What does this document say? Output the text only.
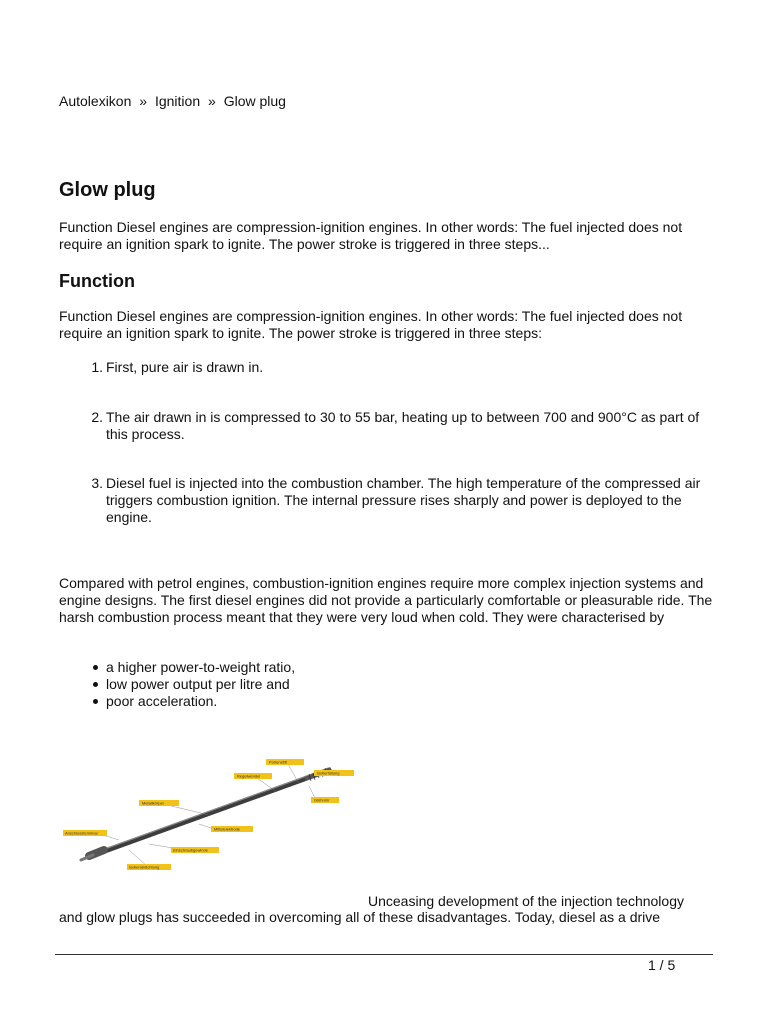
Autolexikon » Ignition » Glow plug
Glow plug

Function Diesel engines are compression-ignition engines. In other words: The fuel injected does not require an ignition spark to ignite. The power stroke is triggered in three steps...

Function

Function Diesel engines are compression-ignition engines. In other words: The fuel injected does not require an ignition spark to ignite. The power stroke is triggered in three steps:

1. First, pure air is drawn in.
2. The air drawn in is compressed to 30 to 55 bar, heating up to between 700 and 900°C as part of this process.
3. Diesel fuel is injected into the combustion chamber. The high temperature of the compressed air triggers combustion ignition. The internal pressure rises sharply and power is deployed to the engine.

Compared with petrol engines, combustion-ignition engines require more complex injection systems and engine designs. The first diesel engines did not provide a particularly comfortable or pleasurable ride. The harsh combustion process meant that they were very loud when cold. They were characterised by

a higher power-to-weight ratio,
low power output per litre and
poor acceleration.
Polrenstift
Regelwendel
Isolierfüllung
Metallkörper
Glührohr
Anschlussterminal
Mittelelektrode
Einschraubgewinde
Isolierabdichtung
Unceasing development of the injection technology
and glow plugs has succeeded in overcoming all of these disadvantages. Today, diesel as a drive
1 / 5
